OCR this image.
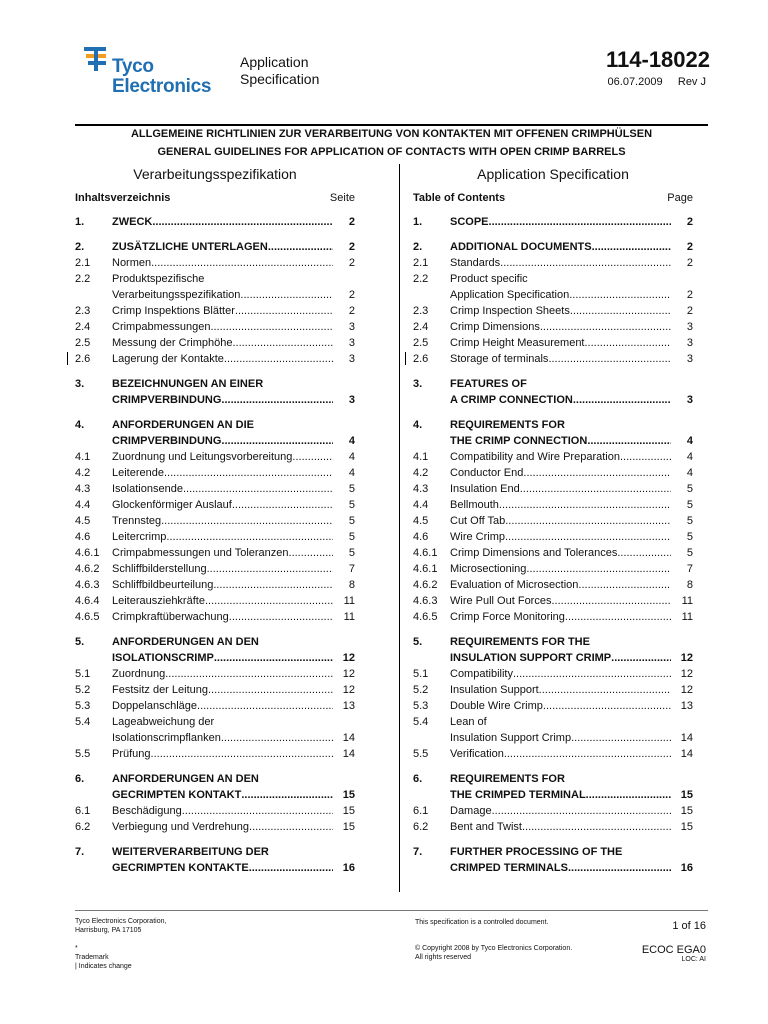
Tyco
Electronics
Application
Specification
114-18022
06.07.2009 Rev J
ALLGEMEINE RICHTLINIEN ZUR VERARBEITUNG VON KONTAKTEN MIT OFFENEN CRIMPHÜLSEN
GENERAL GUIDELINES FOR APPLICATION OF CONTACTS WITH OPEN CRIMP BARRELS
Verarbeitungsspezifikation
Inhaltsverzeichnis	Seite
1.	ZWECK .....	2
2.	ZUSÄTZLICHE UNTERLAGEN .....	2
2.1 Normen .....	2
2.2 Produktspezifische
Verarbeitungsspezifikation .....	2
2.3 Crimp Inspektions Blätter .....	2
2.4 Crimpabmessungen .....	3
2.5 Messung der Crimphöhe .....	3
2.6 Lagerung der Kontakte .....	3
3.	BEZEICHNUNGEN AN EINER
CRIMPVERBINDUNG .....	3
4.	ANFORDERUNGEN AN DIE
CRIMPVERBINDUNG .....	4
4.1 Zuordnung und Leitungsvorbereitung .....	4
4.2 Leiterende .....	4
4.3 Isolationsende .....	5
4.4 Glockenförmiger Auslauf .....	5
4.5 Trennsteg .....	5
4.6 Leitercrimp .....	5
4.6.1 Crimpabmessungen und Toleranzen .....	5
4.6.2 Schliffbilderstellung .....	7
4.6.3 Schliffbildbeurteilung .....	8
4.6.4 Leiterausziehkräfte .....	11
4.6.5 Crimpkraftüberwachung .....	11
5.	ANFORDERUNGEN AN DEN
ISOLATIONSCRIMP .....	12
5.1 Zuordnung .....	12
5.2 Festsitz der Leitung .....	12
5.3 Doppelanschläge .....	13
5.4 Lageabweichung der
Isolationscrimpflanken .....	14
5.5 Prüfung .....	14
6.	ANFORDERUNGEN AN DEN
GECRIMPTEN KONTAKT .....	15
6.1 Beschädigung .....	15
6.2 Verbiegung und Verdrehung .....	15
7.	WEITERVERARBEITUNG DER
GECRIMPTEN KONTAKTE .....	16
Application Specification
Table of Contents	Page
1.	SCOPE .....	2
2.	ADDITIONAL DOCUMENTS .....	2
2.1 Standards .....	2
2.2 Product specific
Application Specification .....	2
2.3 Crimp Inspection Sheets .....	2
2.4 Crimp Dimensions .....	3
2.5 Crimp Height Measurement .....	3
2.6 Storage of terminals .....	3
3.	FEATURES OF
A CRIMP CONNECTION .....	3
4.	REQUIREMENTS FOR
THE CRIMP CONNECTION .....	4
4.1 Compatibility and Wire Preparation .....	4
4.2 Conductor End .....	4
4.3 Insulation End .....	5
4.4 Bellmouth .....	5
4.5 Cut Off Tab .....	5
4.6 Wire Crimp .....	5
4.6.1 Crimp Dimensions and Tolerances .....	5
4.6.1 Microsectioning .....	7
4.6.2 Evaluation of Microsection .....	8
4.6.3 Wire Pull Out Forces .....	11
4.6.5 Crimp Force Monitoring .....	11
5.	REQUIREMENTS FOR THE
INSULATION SUPPORT CRIMP .....	12
5.1 Compatibility .....	12
5.2 Insulation Support .....	12
5.3 Double Wire Crimp .....	13
5.4 Lean of
Insulation Support Crimp .....	14
5.5 Verification .....	14
6.	REQUIREMENTS FOR
THE CRIMPED TERMINAL .....	15
6.1 Damage .....	15
6.2 Bent and Twist .....	15
7.	FURTHER PROCESSING OF THE
CRIMPED TERMINALS .....	16
Tyco Electronics Corporation,
Harrisburg, PA 17105
*
Trademark
| Indicates change
This specification is a controlled document.
© Copyright 2008 by Tyco Electronics Corporation.
All rights reserved
1 of 16
ECOC EGA0
LOC: AI
